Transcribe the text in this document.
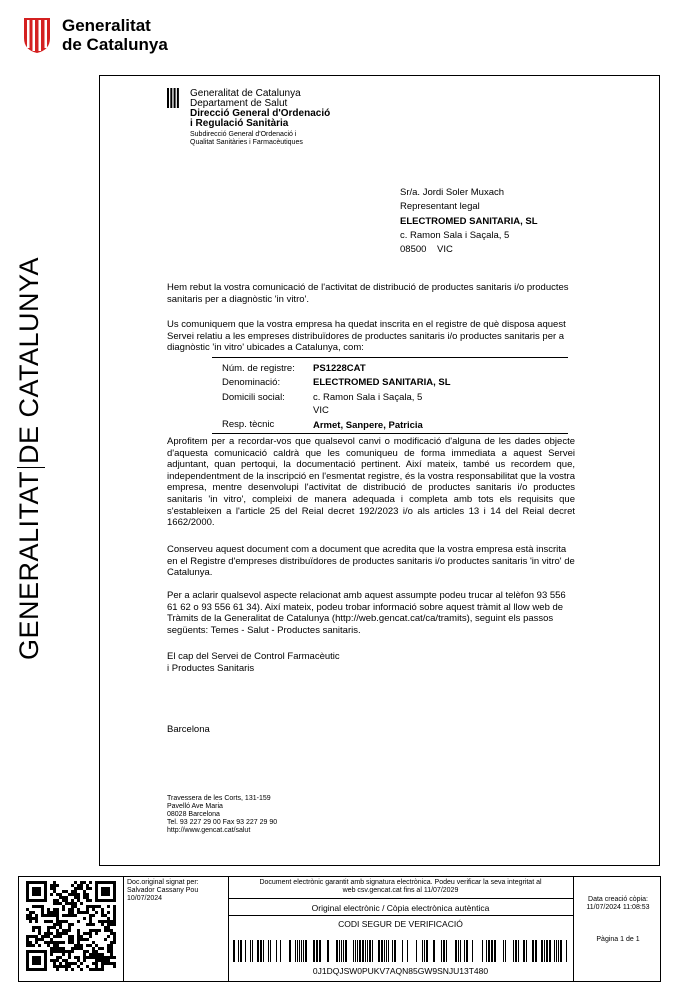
Generalitat
de Catalunya
GENERALITATDE CATALUNYA
Generalitat de Catalunya
Departament de Salut
Direcció General d'Ordenació
i Regulació Sanitària
Subdirecció General d'Ordenació i
Qualitat Sanitàries i Farmacèutiques
Sr/a. Jordi Soler Muxach
Representant legal
ELECTROMED SANITARIA, SL
c. Ramon Sala i Saçala, 5
08500 VIC
Hem rebut la vostra comunicació de l'activitat de distribució de productes sanitaris i/o productes sanitaris per a diagnòstic 'in vitro'.
Us comuniquem que la vostra empresa ha quedat inscrita en el registre de què disposa aquest Servei relatiu a les empreses distribuïdores de productes sanitaris i/o productes sanitaris per a diagnòstic 'in vitro' ubicades a Catalunya, com:
Núm. de registre: PS1228CAT
Denominació:	ELECTROMED SANITARIA, SL
Domicili social:	c. Ramon Sala i Saçala, 5
VIC
Resp. tècnic	Armet, Sanpere, Patricia
Aprofitem per a recordar-vos que qualsevol canvi o modificació d'alguna de les dades objecte d'aquesta comunicació caldrà que les comuniqueu de forma immediata a aquest Servei adjuntant, quan pertoqui, la documentació pertinent. Així mateix, també us recordem que, independentment de la inscripció en l'esmentat registre, és la vostra responsabilitat que la vostra empresa, mentre desenvolupi l'activitat de distribució de productes sanitaris i/o productes sanitaris 'in vitro', compleixi de manera adequada i completa amb tots els requisits que s'estableixen a l'article 25 del Reial decret 192/2023 i/o als articles 13 i 14 del Reial decret 1662/2000.
Conserveu aquest document com a document que acredita que la vostra empresa està inscrita en el Registre d'empreses distribuïdores de productes sanitaris i/o productes sanitaris 'in vitro' de Catalunya.
Per a aclarir qualsevol aspecte relacionat amb aquest assumpte podeu trucar al telèfon 93 556 61 62 o 93 556 61 34). Així mateix, podeu trobar informació sobre aquest tràmit al llow web de Tràmits de la Generalitat de Catalunya (http://web.gencat.cat/ca/tramits), seguint els passos següents: Temes - Salut - Productes sanitaris.
El cap del Servei de Control Farmacèutic
i Productes Sanitaris
Barcelona
Travessera de les Corts, 131-159
Pavelló Ave Maria
08028 Barcelona
Tel. 93 227 29 00 Fax 93 227 29 90
http://www.gencat.cat/salut
Doc.original signat per:
Salvador Cassany Pou
10/07/2024
Document electrònic garantit amb signatura electrònica. Podeu verificar la seva integritat al
web csv.gencat.cat fins al 11/07/2029
Original electrònic / Còpia electrònica autèntica
CODI SEGUR DE VERIFICACIÓ
0J1DQJSW0PUKV7AQN85GW9SNJU13T480
Data creació còpia:
11/07/2024 11:08:53
Pàgina 1 de 1
